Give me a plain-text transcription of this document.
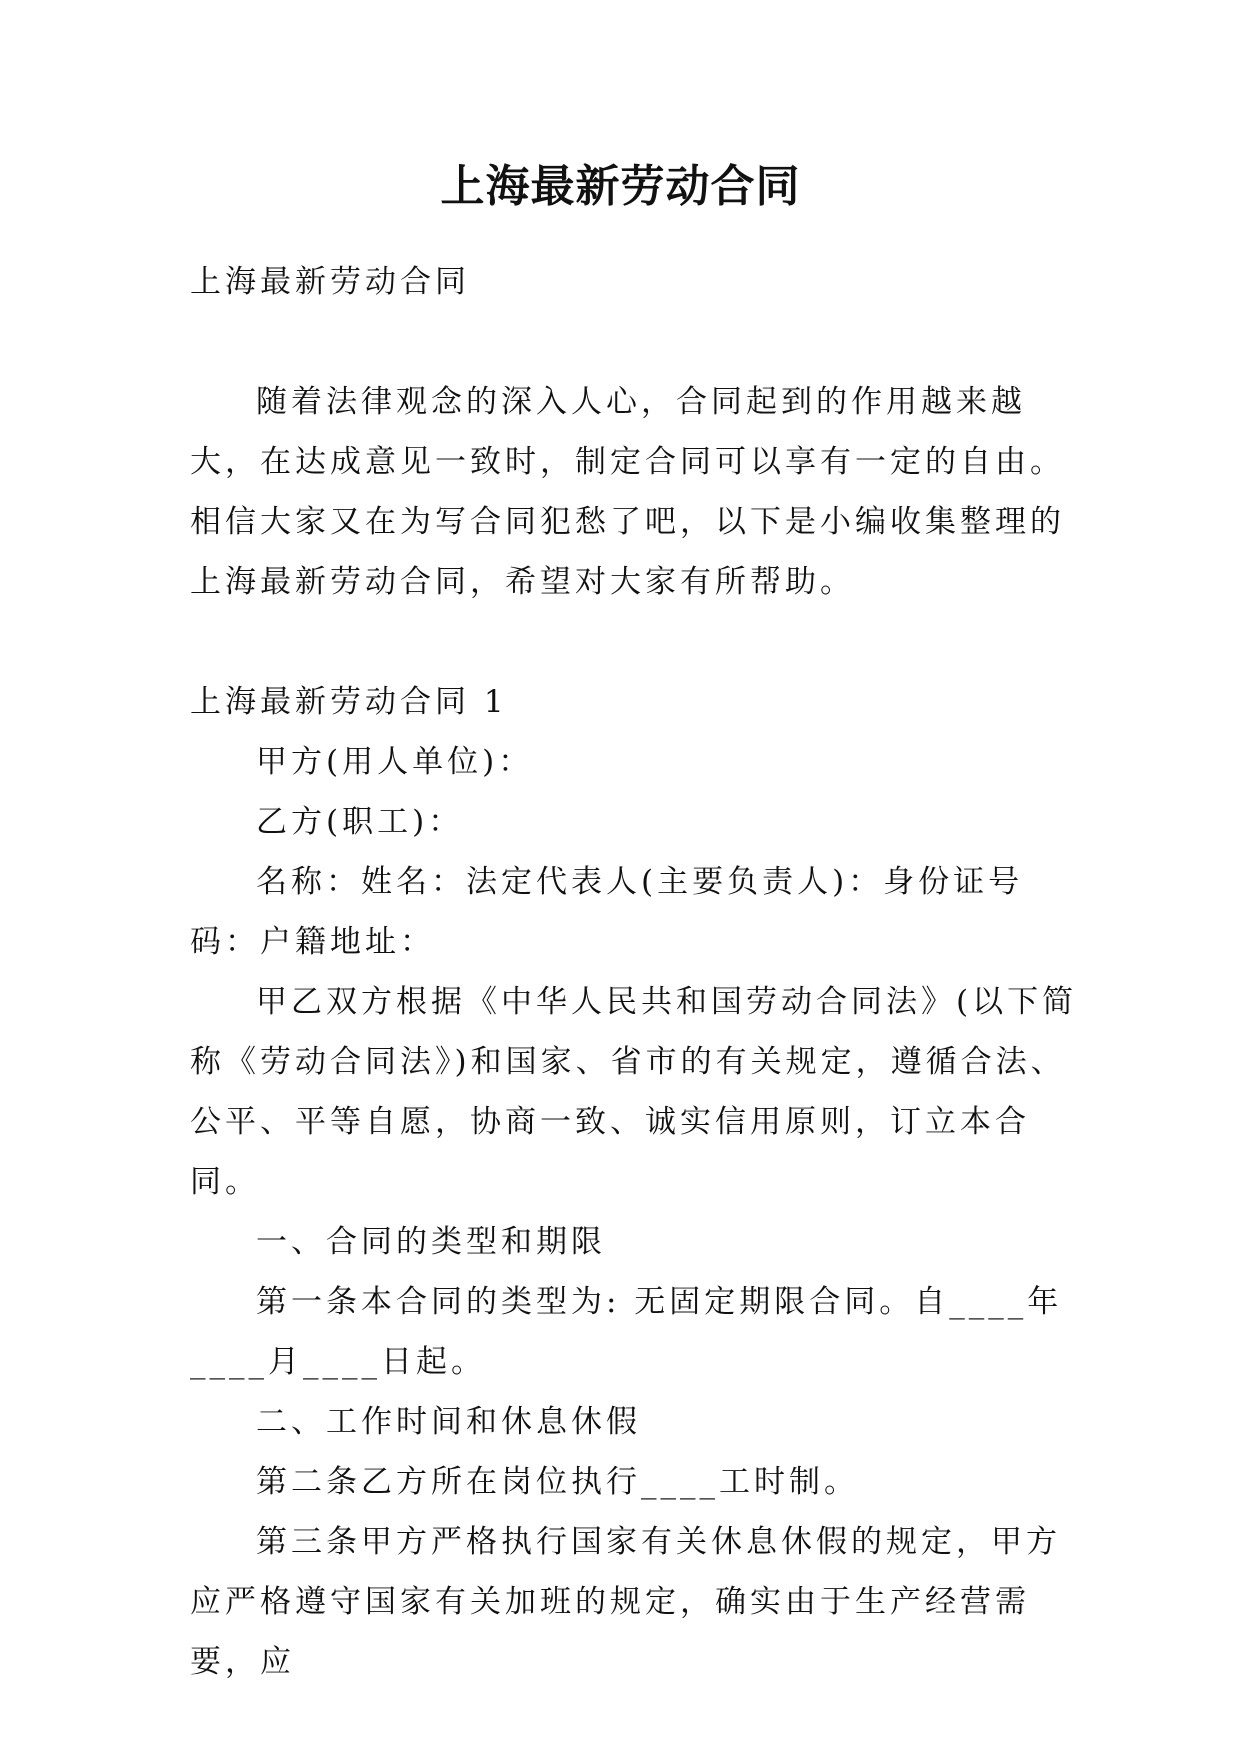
上海最新劳动合同

上海最新劳动合同

随着法律观念的深入人心，合同起到的作用越来越大，在达成意见一致时，制定合同可以享有一定的自由。相信大家又在为写合同犯愁了吧，以下是小编收集整理的上海最新劳动合同，希望对大家有所帮助。

上海最新劳动合同 1

甲方(用人单位)：

乙方(职工)：

名称：姓名：法定代表人(主要负责人)：身份证号码：户籍地址：

甲乙双方根据《中华人民共和国劳动合同法》(以下简称《劳动合同法》)和国家、省市的有关规定，遵循合法、公平、平等自愿，协商一致、诚实信用原则，订立本合同。

一、合同的类型和期限

第一条本合同的类型为: 无固定期限合同。自____年____月____日起。

二、工作时间和休息休假

第二条乙方所在岗位执行____工时制。

第三条甲方严格执行国家有关休息休假的规定，甲方应严格遵守国家有关加班的规定，确实由于生产经营需要，应
